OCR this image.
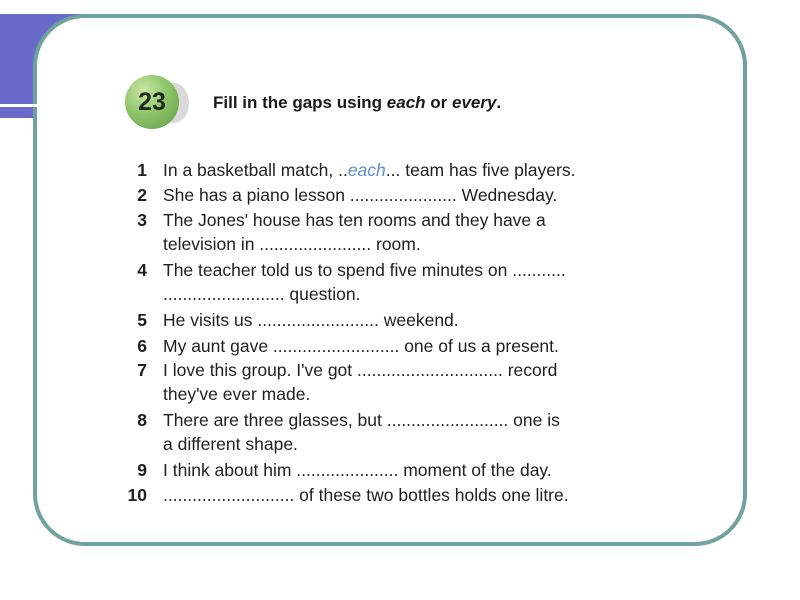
23	Fill in the gaps using each or every.
1 In a basketball match, ..each... team has five players.
2 She has a piano lesson ...................... Wednesday.
3 The Jones' house has ten rooms and they have a
television in ....................... room.
4 The teacher told us to spend five minutes on ...........
......................... question.
5 He visits us ......................... weekend.
6 My aunt gave .......................... one of us a present.
7 I love this group. I've got .............................. record
they've ever made.
8 There are three glasses, but ......................... one is
a different shape.
9 I think about him ..................... moment of the day.
10 ........................... of these two bottles holds one litre.
